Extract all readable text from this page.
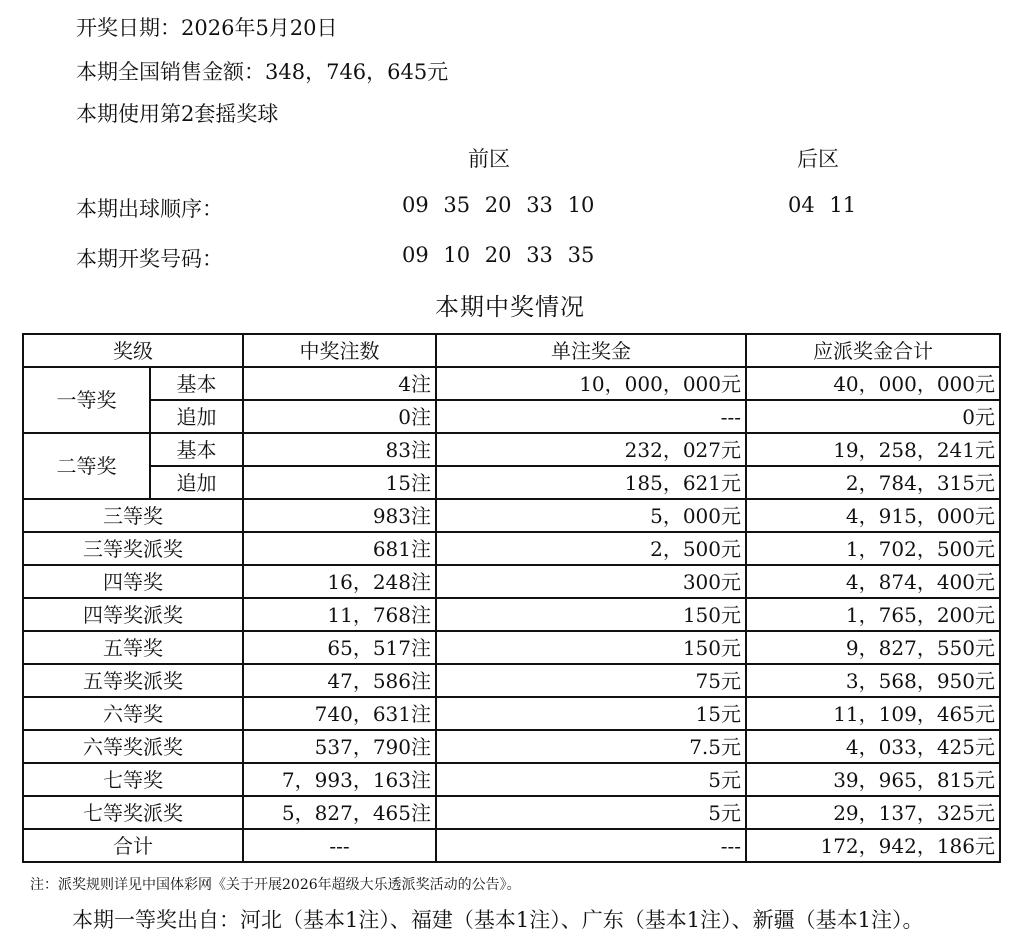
开奖日期：2026年5月20日
本期全国销售金额：348，746，645元
本期使用第2套摇奖球
前区	后区
本期出球顺序：	09 35 20 33 10	04 11
本期开奖号码：	09 10 20 33 35
本期中奖情况
奖级		中奖注数	单注奖金	应派奖金合计
一等奖	基本	4注	10，000，000元	40，000，000元
	追加	0注	---	0元
二等奖	基本	83注	232，027元	19，258，241元
	追加	15注	185，621元	2，784，315元
三等奖		983注	5，000元	4，915，000元
三等奖派奖		681注	2，500元	1，702，500元
四等奖		16，248注	300元	4，874，400元
四等奖派奖		11，768注	150元	1，765，200元
五等奖		65，517注	150元	9，827，550元
五等奖派奖		47，586注	75元	3，568，950元
六等奖		740，631注	15元	11，109，465元
六等奖派奖		537，790注	7.5元	4，033，425元
七等奖		7，993，163注	5元	39，965，815元
七等奖派奖		5，827，465注	5元	29，137，325元
合计		---	---	172，942，186元
注：派奖规则详见中国体彩网《关于开展2026年超级大乐透派奖活动的公告》。
本期一等奖出自：河北（基本1注）、福建（基本1注）、广东（基本1注）、新疆（基本1注）。
